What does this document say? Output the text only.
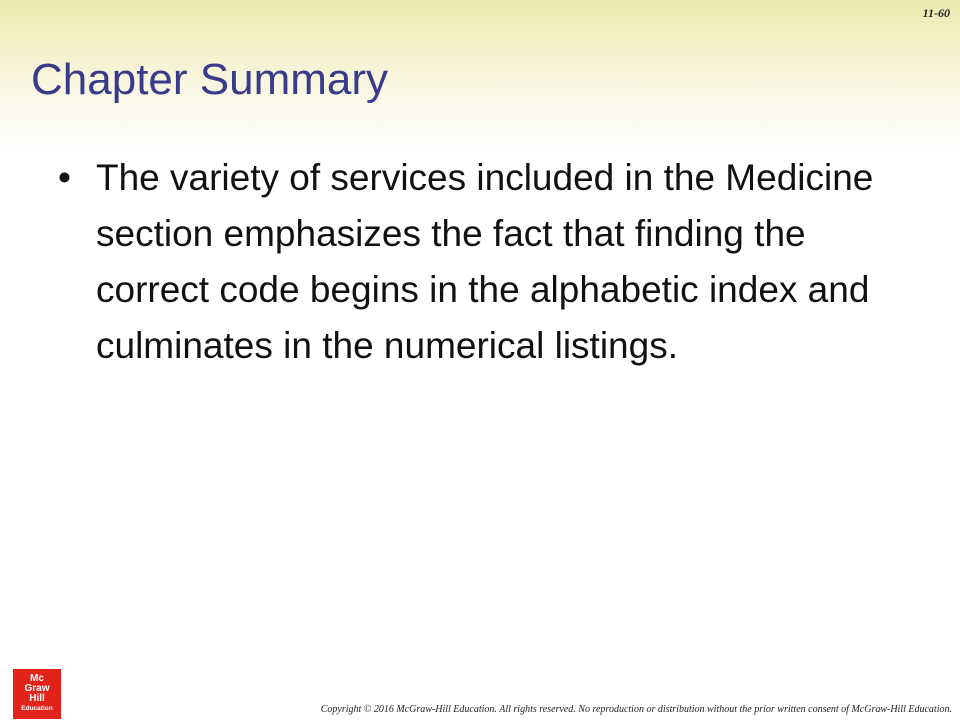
11-60
Chapter Summary
• The variety of services included in the Medicine section emphasizes the fact that finding the correct code begins in the alphabetic index and culminates in the numerical listings.
Mc
Graw
Hill
Education	Copyright © 2016 McGraw-Hill Education. All rights reserved. No reproduction or distribution without the prior written consent of McGraw-Hill Education.
